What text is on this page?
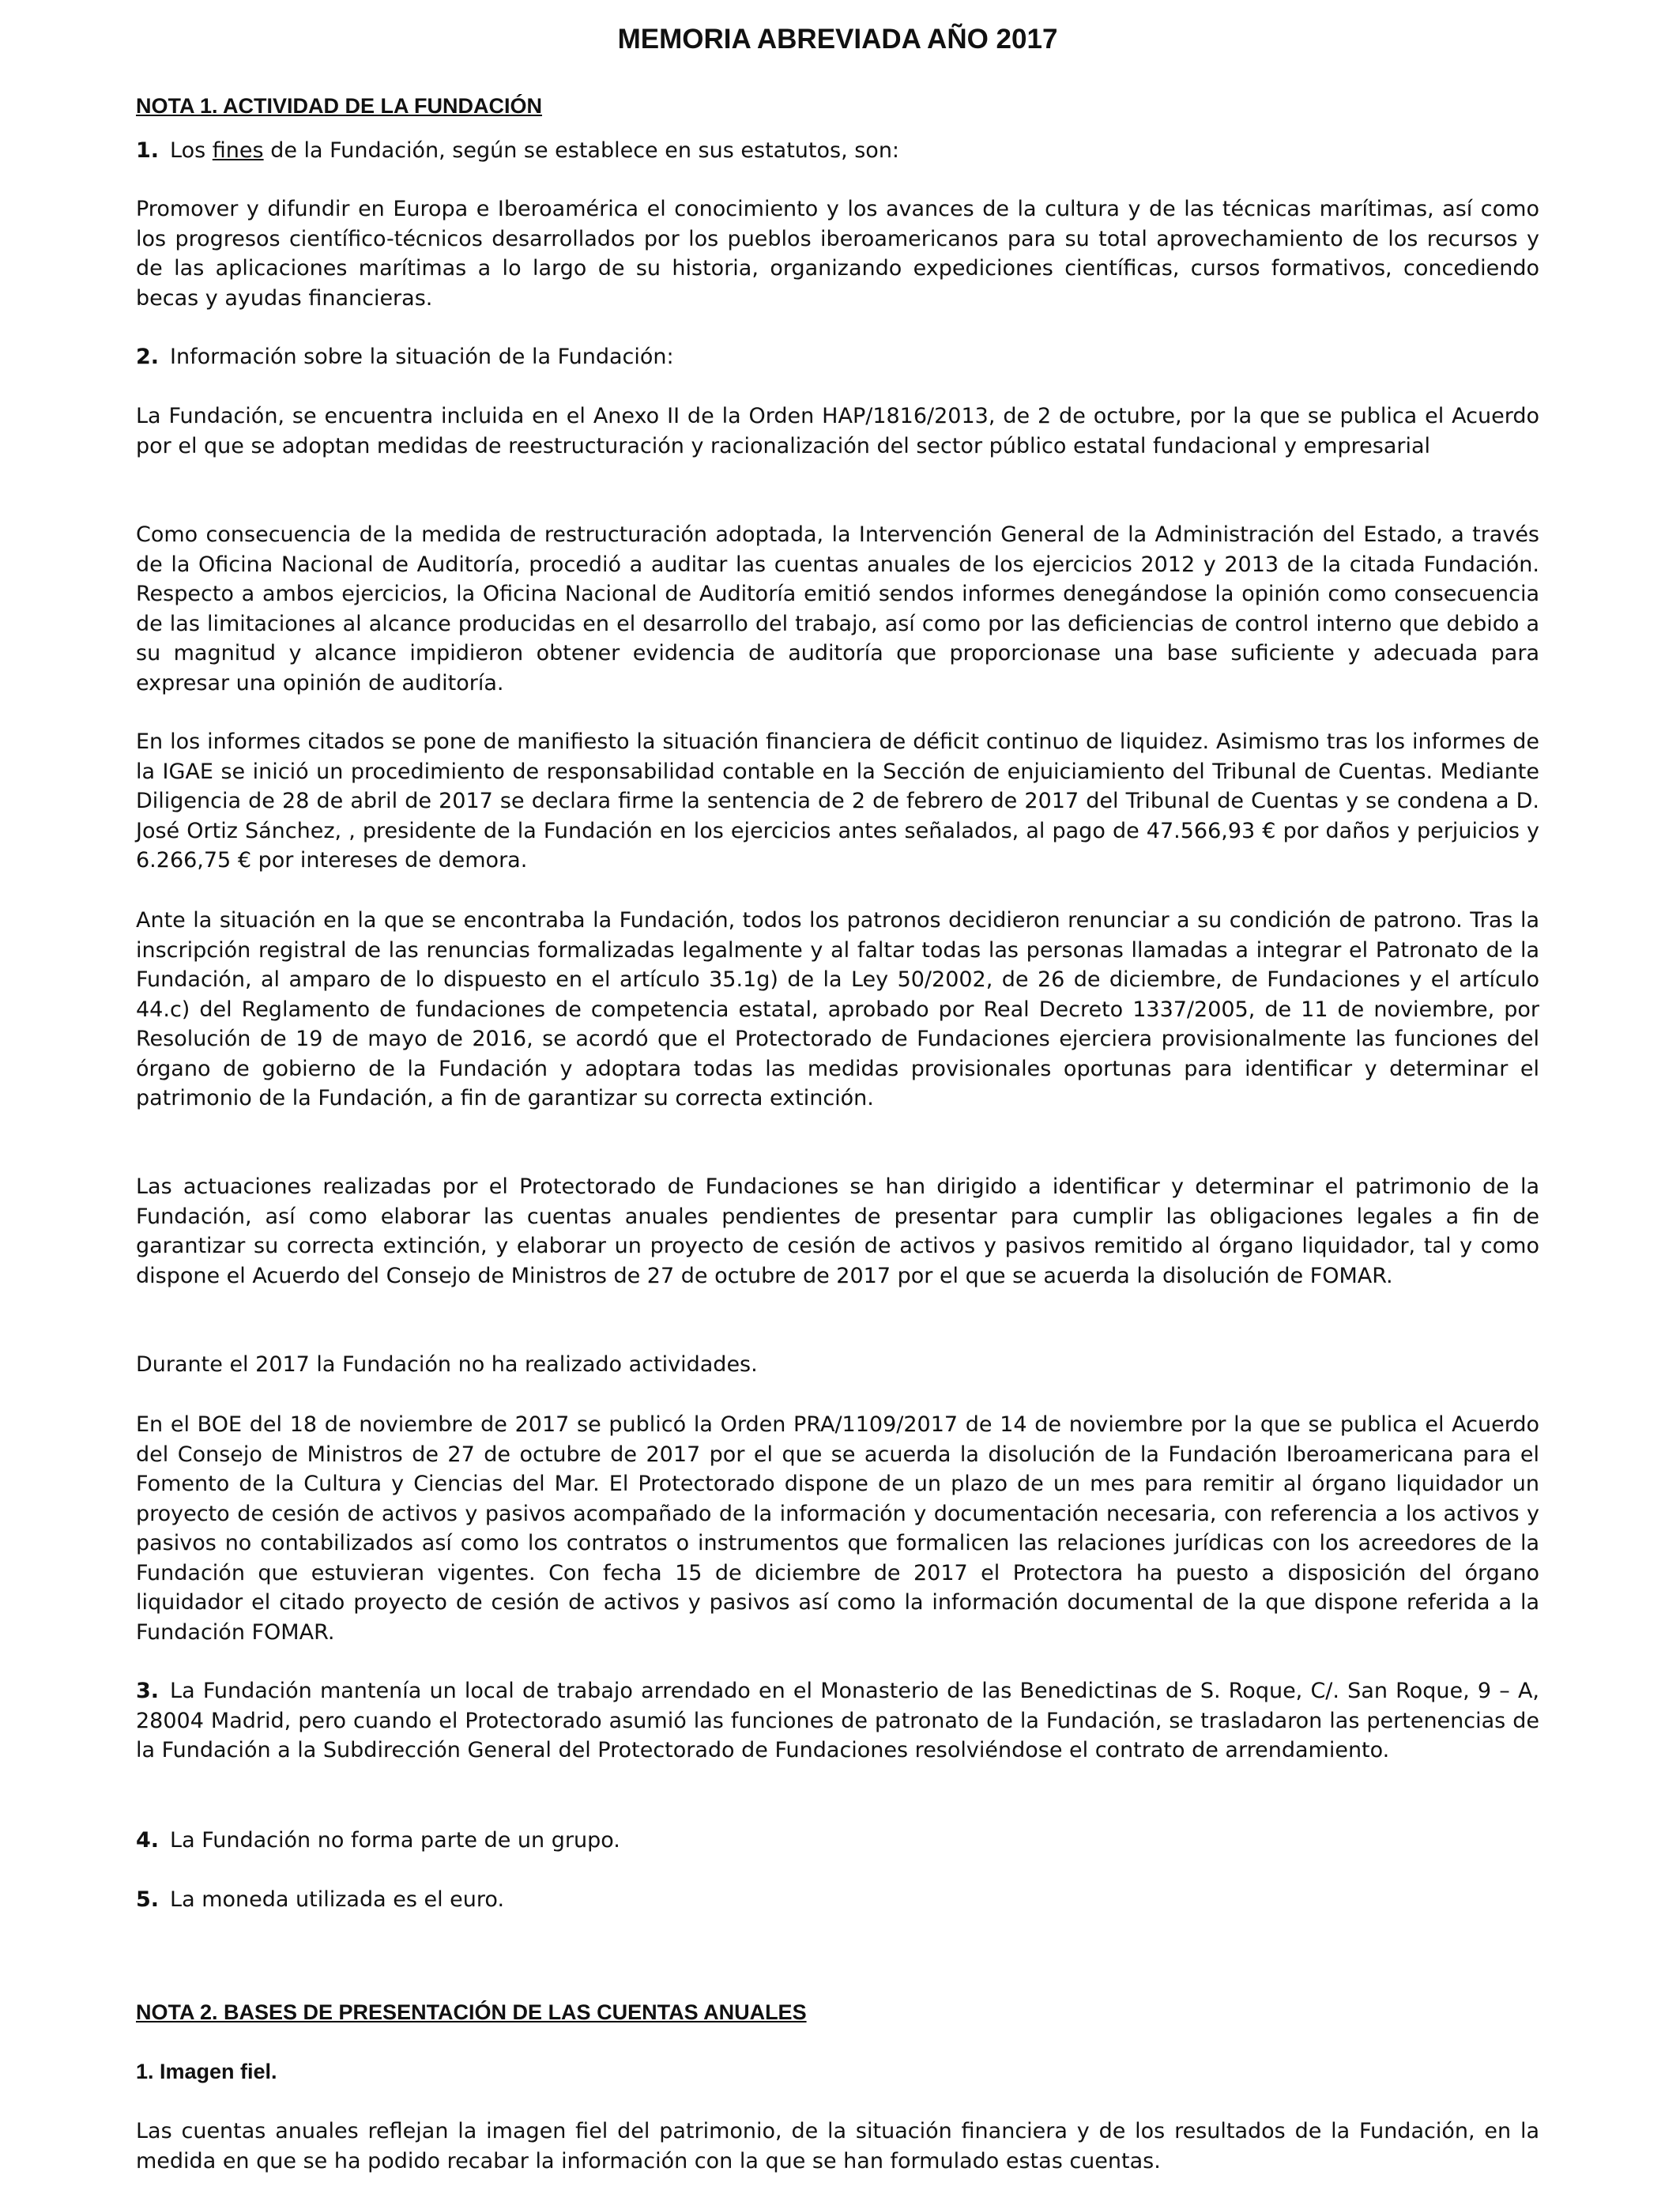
MEMORIA ABREVIADA AÑO 2017
NOTA 1. ACTIVIDAD DE LA FUNDACIÓN

1. Los fines de la Fundación, según se establece en sus estatutos, son:

Promover y difundir en Europa e Iberoamérica el conocimiento y los avances de la cultura y de las técnicas marítimas, así como los progresos científico-técnicos desarrollados por los pueblos iberoamericanos para su total aprovechamiento de los recursos y de las aplicaciones marítimas a lo largo de su historia, organizando expediciones científicas, cursos formativos, concediendo becas y ayudas financieras.

2. Información sobre la situación de la Fundación:

La Fundación, se encuentra incluida en el Anexo II de la Orden HAP/1816/2013, de 2 de octubre, por la que se publica el Acuerdo por el que se adoptan medidas de reestructuración y racionalización del sector público estatal fundacional y empresarial

Como consecuencia de la medida de restructuración adoptada, la Intervención General de la Administración del Estado, a través de la Oficina Nacional de Auditoría, procedió a auditar las cuentas anuales de los ejercicios 2012 y 2013 de la citada Fundación. Respecto a ambos ejercicios, la Oficina Nacional de Auditoría emitió sendos informes denegándose la opinión como consecuencia de las limitaciones al alcance producidas en el desarrollo del trabajo, así como por las deficiencias de control interno que debido a su magnitud y alcance impidieron obtener evidencia de auditoría que proporcionase una base suficiente y adecuada para expresar una opinión de auditoría.

En los informes citados se pone de manifiesto la situación financiera de déficit continuo de liquidez. Asimismo tras los informes de la IGAE se inició un procedimiento de responsabilidad contable en la Sección de enjuiciamiento del Tribunal de Cuentas. Mediante Diligencia de 28 de abril de 2017 se declara firme la sentencia de 2 de febrero de 2017 del Tribunal de Cuentas y se condena a D. José Ortiz Sánchez, , presidente de la Fundación en los ejercicios antes señalados, al pago de 47.566,93 € por daños y perjuicios y 6.266,75 € por intereses de demora.

Ante la situación en la que se encontraba la Fundación, todos los patronos decidieron renunciar a su condición de patrono. Tras la inscripción registral de las renuncias formalizadas legalmente y al faltar todas las personas llamadas a integrar el Patronato de la Fundación, al amparo de lo dispuesto en el artículo 35.1g) de la Ley 50/2002, de 26 de diciembre, de Fundaciones y el artículo 44.c) del Reglamento de fundaciones de competencia estatal, aprobado por Real Decreto 1337/2005, de 11 de noviembre, por Resolución de 19 de mayo de 2016, se acordó que el Protectorado de Fundaciones ejerciera provisionalmente las funciones del órgano de gobierno de la Fundación y adoptara todas las medidas provisionales oportunas para identificar y determinar el patrimonio de la Fundación, a fin de garantizar su correcta extinción.

Las actuaciones realizadas por el Protectorado de Fundaciones se han dirigido a identificar y determinar el patrimonio de la Fundación, así como elaborar las cuentas anuales pendientes de presentar para cumplir las obligaciones legales a fin de garantizar su correcta extinción, y elaborar un proyecto de cesión de activos y pasivos remitido al órgano liquidador, tal y como dispone el Acuerdo del Consejo de Ministros de 27 de octubre de 2017 por el que se acuerda la disolución de FOMAR.

Durante el 2017 la Fundación no ha realizado actividades.

En el BOE del 18 de noviembre de 2017 se publicó la Orden PRA/1109/2017 de 14 de noviembre por la que se publica el Acuerdo del Consejo de Ministros de 27 de octubre de 2017 por el que se acuerda la disolución de la Fundación Iberoamericana para el Fomento de la Cultura y Ciencias del Mar. El Protectorado dispone de un plazo de un mes para remitir al órgano liquidador un proyecto de cesión de activos y pasivos acompañado de la información y documentación necesaria, con referencia a los activos y pasivos no contabilizados así como los contratos o instrumentos que formalicen las relaciones jurídicas con los acreedores de la Fundación que estuvieran vigentes. Con fecha 15 de diciembre de 2017 el Protectora ha puesto a disposición del órgano liquidador el citado proyecto de cesión de activos y pasivos así como la información documental de la que dispone referida a la Fundación FOMAR.

3. La Fundación mantenía un local de trabajo arrendado en el Monasterio de las Benedictinas de S. Roque, C/. San Roque, 9 – A, 28004 Madrid, pero cuando el Protectorado asumió las funciones de patronato de la Fundación, se trasladaron las pertenencias de la Fundación a la Subdirección General del Protectorado de Fundaciones resolviéndose el contrato de arrendamiento.

4. La Fundación no forma parte de un grupo.

5. La moneda utilizada es el euro.

NOTA 2. BASES DE PRESENTACIÓN DE LAS CUENTAS ANUALES
1. Imagen fiel.

Las cuentas anuales reflejan la imagen fiel del patrimonio, de la situación financiera y de los resultados de la Fundación, en la medida en que se ha podido recabar la información con la que se han formulado estas cuentas.
